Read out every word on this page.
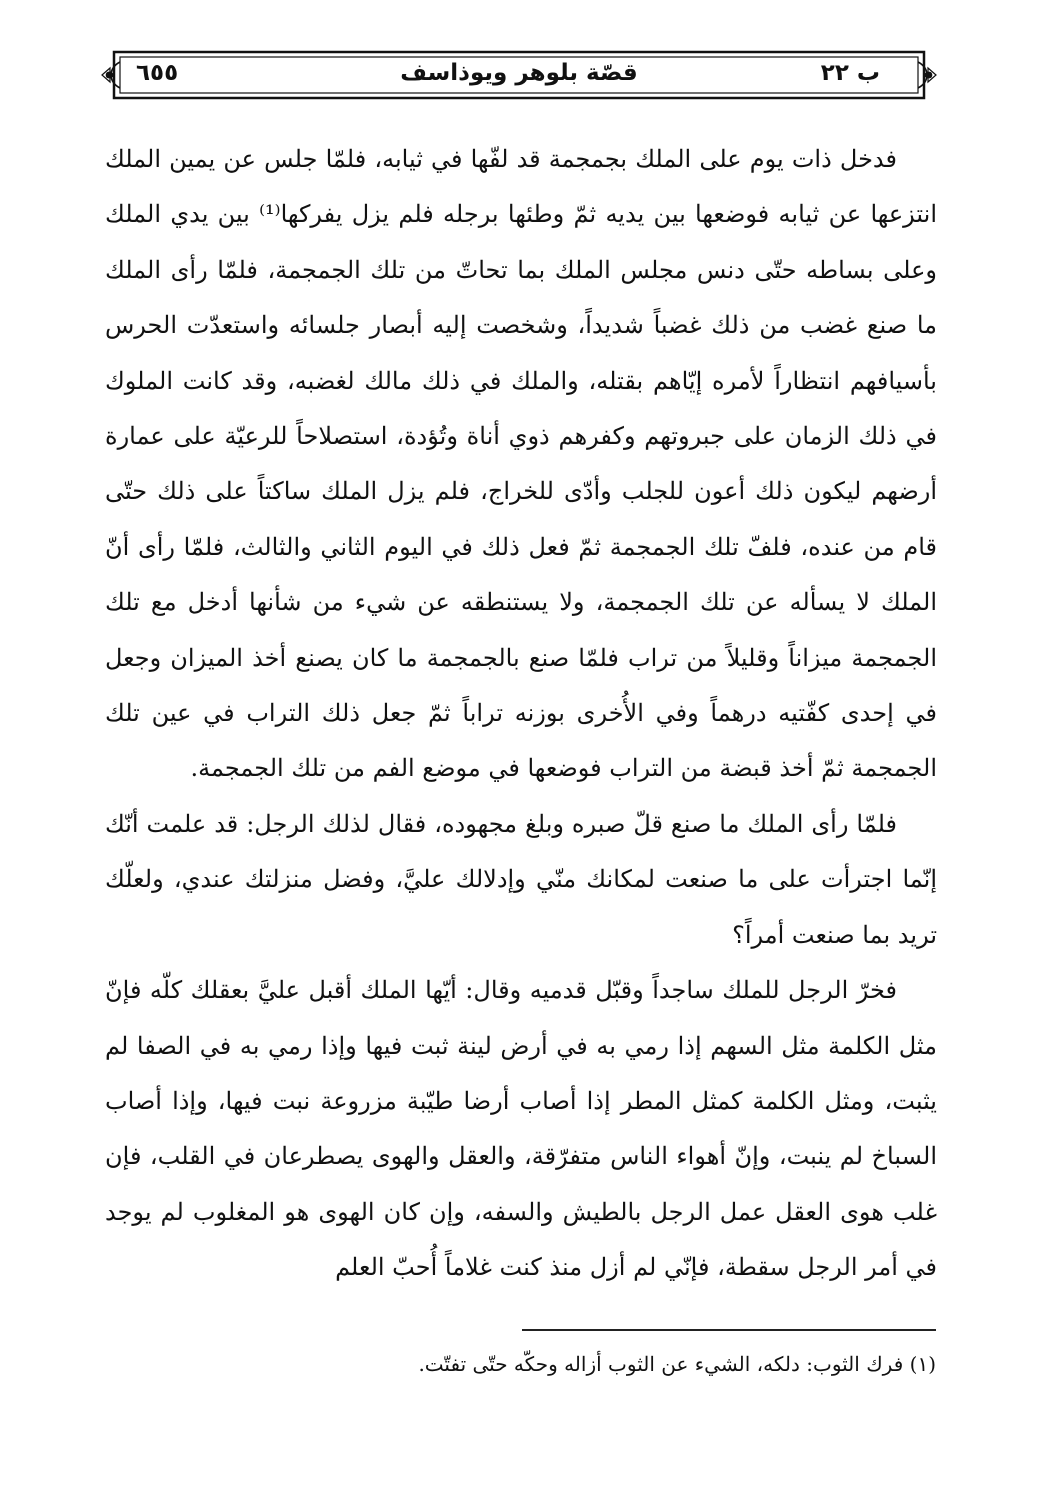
ب ٢٢
قصّة بلوهر ويوذاسف
٦٥٥

فدخل ذات يوم على الملك بجمجمة قد لفّها في ثيابه، فلمّا جلس عن يمين الملك انتزعها عن ثيابه فوضعها بين يديه ثمّ وطئها برجله فلم يزل يفركها⁽¹⁾ بين يدي الملك وعلى بساطه حتّى دنس مجلس الملك بما تحاتّ من تلك الجمجمة، فلمّا رأى الملك ما صنع غضب من ذلك غضباً شديداً، وشخصت إليه أبصار جلسائه واستعدّت الحرس بأسيافهم انتظاراً لأمره إيّاهم بقتله، والملك في ذلك مالك لغضبه، وقد كانت الملوك في ذلك الزمان على جبروتهم وكفرهم ذوي أناة وتُؤدة، استصلاحاً للرعيّة على عمارة أرضهم ليكون ذلك أعون للجلب وأدّى للخراج، فلم يزل الملك ساكتاً على ذلك حتّى قام من عنده، فلفّ تلك الجمجمة ثمّ فعل ذلك في اليوم الثاني والثالث، فلمّا رأى أنّ الملك لا يسأله عن تلك الجمجمة، ولا يستنطقه عن شيء من شأنها أدخل مع تلك الجمجمة ميزاناً وقليلاً من تراب فلمّا صنع بالجمجمة ما كان يصنع أخذ الميزان وجعل في إحدى كفّتيه درهماً وفي الأُخرى بوزنه تراباً ثمّ جعل ذلك التراب في عين تلك الجمجمة ثمّ أخذ قبضة من التراب فوضعها في موضع الفم من تلك الجمجمة.

فلمّا رأى الملك ما صنع قلّ صبره وبلغ مجهوده، فقال لذلك الرجل: قد علمت أنّك إنّما اجترأت على ما صنعت لمكانك منّي وإدلالك عليَّ، وفضل منزلتك عندي، ولعلّك تريد بما صنعت أمراً؟

فخرّ الرجل للملك ساجداً وقبّل قدميه وقال: أيّها الملك أقبل عليَّ بعقلك كلّه فإنّ مثل الكلمة مثل السهم إذا رمي به في أرض لينة ثبت فيها وإذا رمي به في الصفا لم يثبت، ومثل الكلمة كمثل المطر إذا أصاب أرضا طيّبة مزروعة نبت فيها، وإذا أصاب السباخ لم ينبت، وإنّ أهواء الناس متفرّقة، والعقل والهوى يصطرعان في القلب، فإن غلب هوى العقل عمل الرجل بالطيش والسفه، وإن كان الهوى هو المغلوب لم يوجد في أمر الرجل سقطة، فإنّي لم أزل منذ كنت غلاماً أُحبّ العلم

(١) فرك الثوب: دلكه، الشيء عن الثوب أزاله وحكّه حتّى تفتّت.
